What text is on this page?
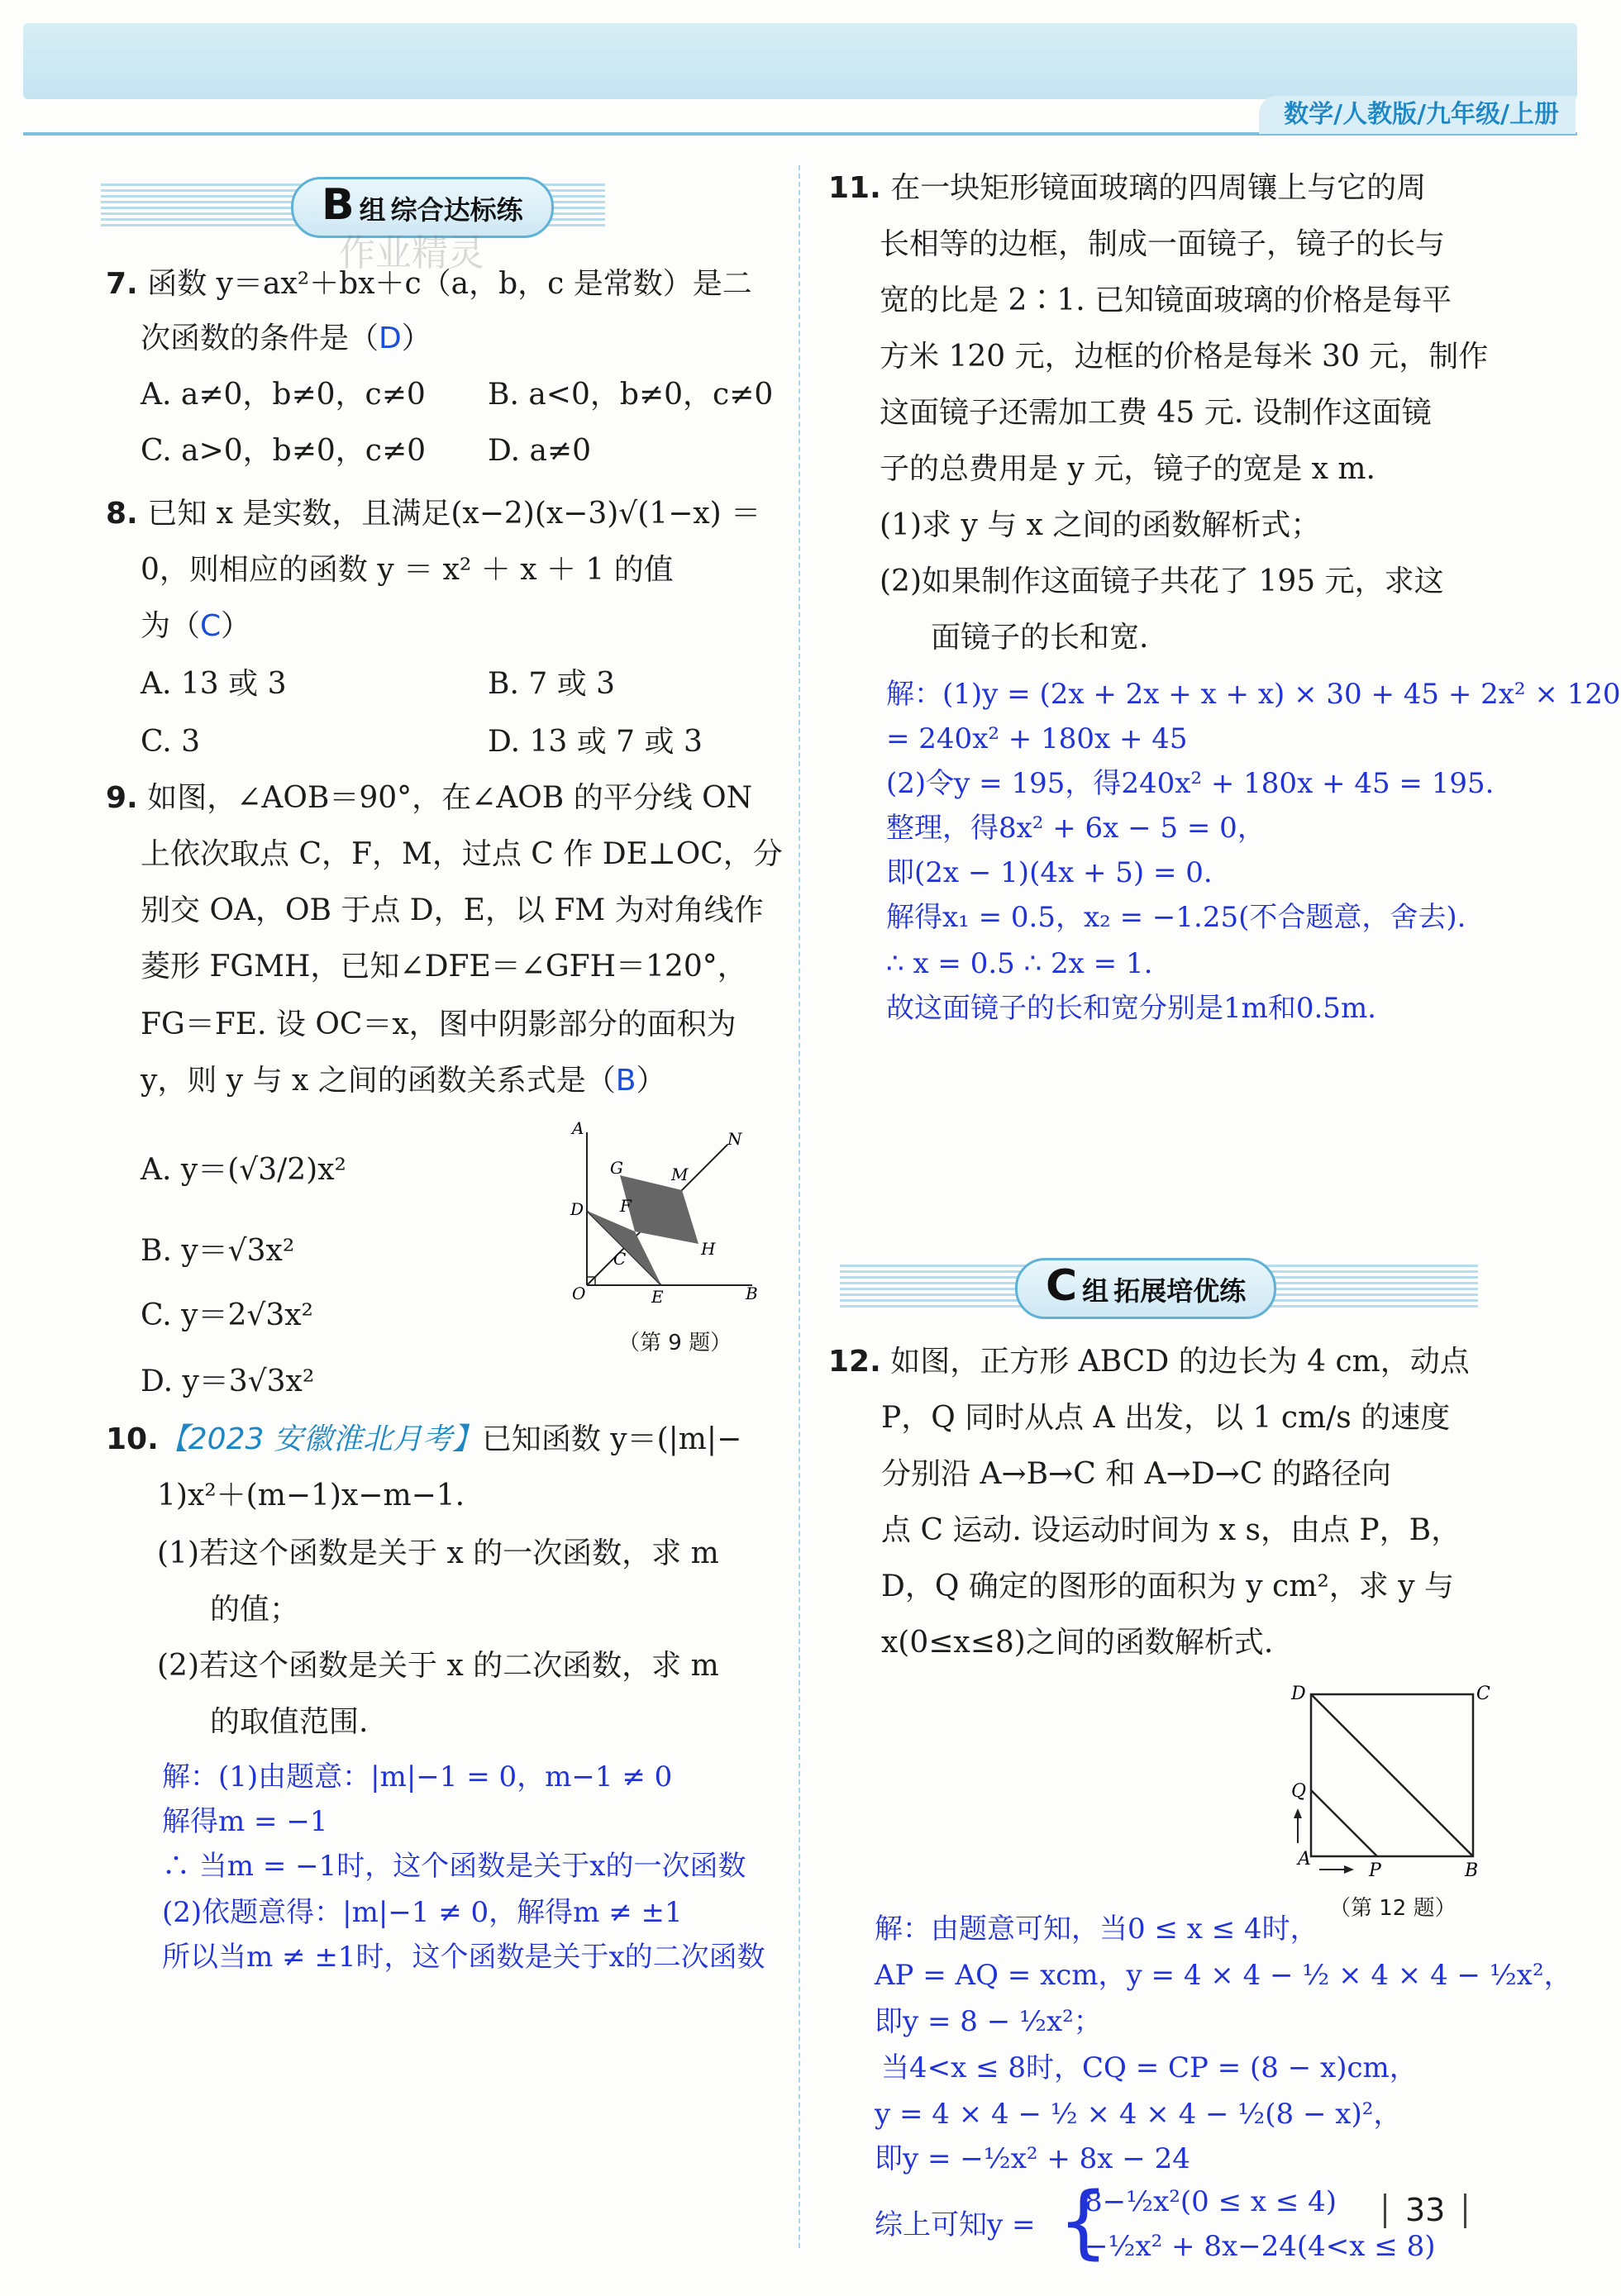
数学/人教版/九年级/上册
B组 综合达标练
作业精灵
7. 函数 y＝ax²＋bx＋c（a，b，c 是常数）是二
次函数的条件是（D）
A. a≠0，b≠0，c≠0 B. a<0，b≠0，c≠0
C. a>0，b≠0，c≠0 D. a≠0
8. 已知 x 是实数，且满足(x−2)(x−3)√(1−x) ＝
0，则相应的函数 y ＝ x² ＋ x ＋ 1 的值
为（C）
A. 13 或 3	B. 7 或 3
C. 3	D. 13 或 7 或 3
9. 如图，∠AOB＝90°，在∠AOB 的平分线 ON
上依次取点 C，F，M，过点 C 作 DE⊥OC，分
别交 OA，OB 于点 D，E，以 FM 为对角线作
菱形 FGMH，已知∠DFE＝∠GFH＝120°，
FG＝FE. 设 OC＝x，图中阴影部分的面积为
y，则 y 与 x 之间的函数关系式是（B）
A. y＝(√3/2)x²
B. y＝√3x²
C. y＝2√3x²
D. y＝3√3x²
A
G	M
N
D F
H
C
O	E	B
（第 9 题）
10.【2023 安徽淮北月考】已知函数 y＝(|m|−
1)x²＋(m−1)x−m−1.
(1)若这个函数是关于 x 的一次函数，求 m
的值；
(2)若这个函数是关于 x 的二次函数，求 m
的取值范围.
解：(1)由题意：|m|−1 = 0，m−1 ≠ 0
解得m = −1
∴ 当m = −1时，这个函数是关于x的一次函数
(2)依题意得：|m|−1 ≠ 0，解得m ≠ ±1
所以当m ≠ ±1时，这个函数是关于x的二次函数
11. 在一块矩形镜面玻璃的四周镶上与它的周
长相等的边框，制成一面镜子，镜子的长与
宽的比是 2∶1. 已知镜面玻璃的价格是每平
方米 120 元，边框的价格是每米 30 元，制作
这面镜子还需加工费 45 元. 设制作这面镜
子的总费用是 y 元，镜子的宽是 x m.
(1)求 y 与 x 之间的函数解析式；
(2)如果制作这面镜子共花了 195 元，求这
面镜子的长和宽.
解：(1)y = (2x + 2x + x + x) × 30 + 45 + 2x² × 120
= 240x² + 180x + 45
(2)令y = 195，得240x² + 180x + 45 = 195.
整理，得8x² + 6x − 5 = 0，
即(2x − 1)(4x + 5) = 0.
解得x₁ = 0.5，x₂ = −1.25(不合题意，舍去).
∴ x = 0.5 ∴ 2x = 1.
故这面镜子的长和宽分别是1m和0.5m.
C组 拓展培优练
12. 如图，正方形 ABCD 的边长为 4 cm，动点
P，Q 同时从点 A 出发，以 1 cm/s 的速度
分别沿 A→B→C 和 A→D→C 的路径向
点 C 运动. 设运动时间为 x s，由点 P，B，
D，Q 确定的图形的面积为 y cm²，求 y 与
x(0≤x≤8)之间的函数解析式.
D	C
Q
A
P	B
（第 12 题）
解：由题意可知，当0 ≤ x ≤ 4时，
AP = AQ = xcm，y = 4 × 4 − ½ × 4 × 4 − ½x²，
即y = 8 − ½x²；
当4<x ≤ 8时，CQ = CP = (8 − x)cm，
y = 4 × 4 − ½ × 4 × 4 − ½(8 − x)²，
即y = −½x² + 8x − 24
综上可知y = {
8−½x²(0 ≤ x ≤ 4)
−½x² + 8x−24(4<x ≤ 8)
33
